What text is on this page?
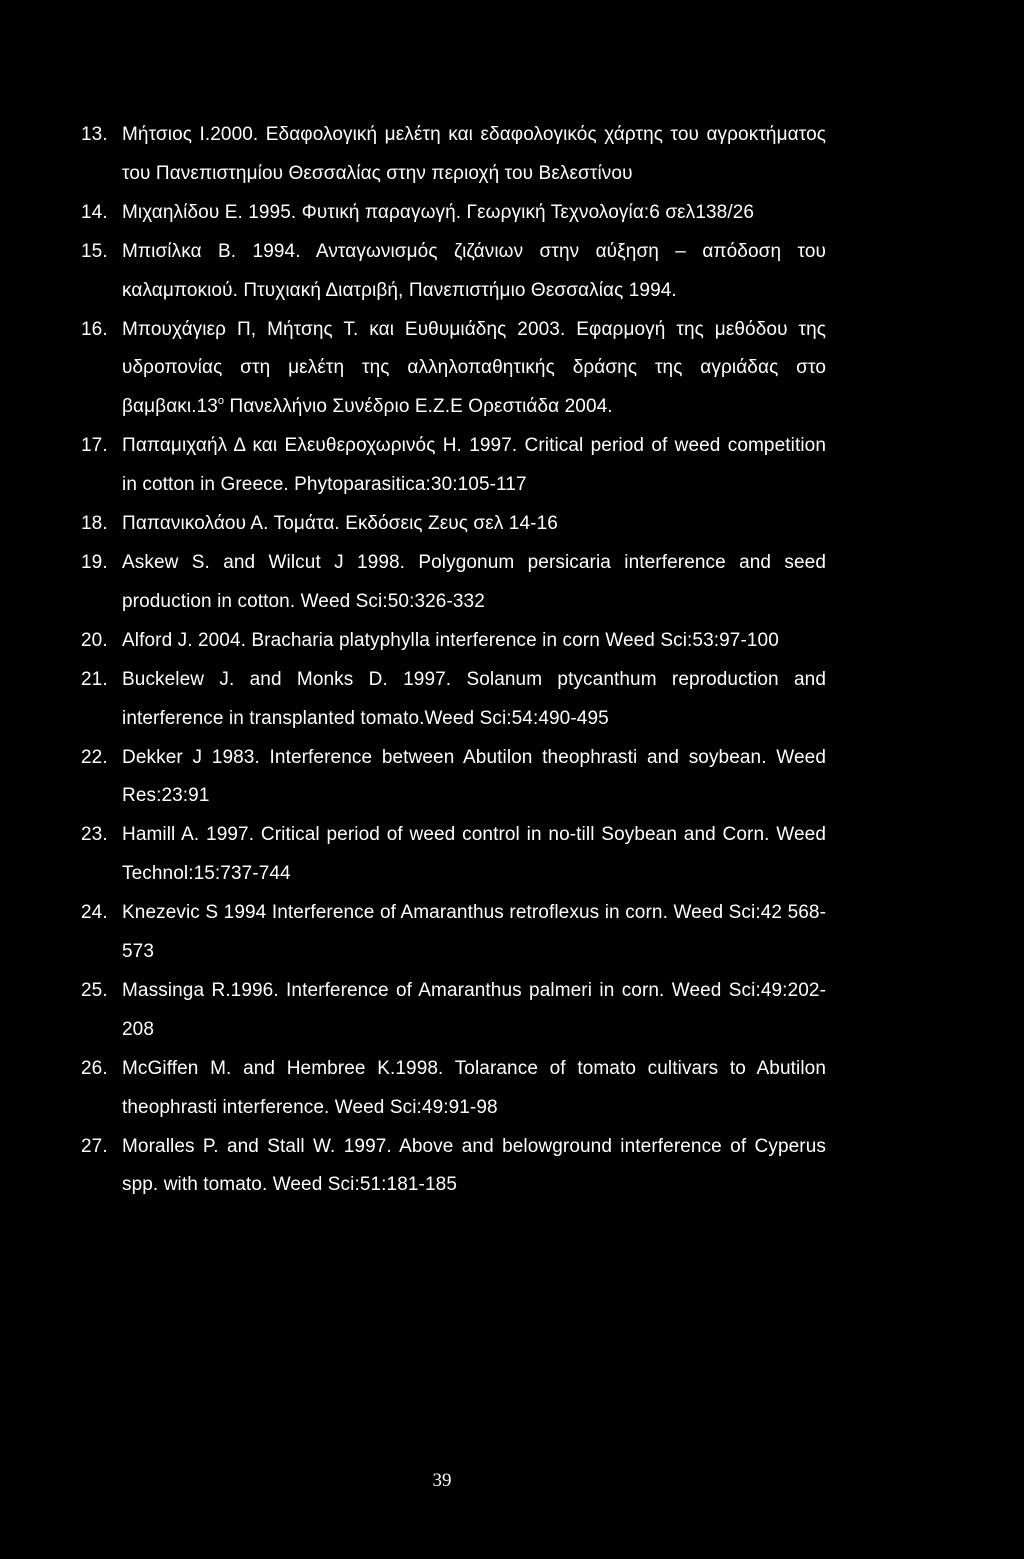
13. Μήτσιος Ι.2000. Εδαφολογική μελέτη και εδαφολογικός χάρτης του αγροκτήματος του Πανεπιστημίου Θεσσαλίας στην περιοχή του Βελεστίνου
14. Μιχαηλίδου Ε. 1995. Φυτική παραγωγή. Γεωργική Τεχνολογία:6 σελ138/26
15. Μπισίλκα Β. 1994. Ανταγωνισμός ζιζάνιων στην αύξηση – απόδοση του καλαμποκιού. Πτυχιακή Διατριβή, Πανεπιστήμιο Θεσσαλίας 1994.
16. Μπουχάγιερ Π, Μήτσης Τ. και Ευθυμιάδης 2003. Εφαρμογή της μεθόδου της υδροπονίας στη μελέτη της αλληλοπαθητικής δράσης της αγριάδας στο $\beta\alpha\mu\beta\alpha\kappa\iota.13^o$ Πανελλήνιο Συνέδριο Ε.Ζ.Ε Ορεστιάδα 2004.
17. Παπαμιχαήλ Δ και Ελευθεροχωρινός Η. 1997. Critical period of weed competition in cotton in Greece. Phytoparasitica:30:105-117
18. Παπανικολάου Α. Τομάτα. Εκδόσεις Ζευς σελ 14-16
19. Askew S. and Wilcut J 1998. Polygonum persicaria interference and seed production in cotton. Weed Sci:50:326-332
20. Alford J. 2004. Bracharia platyphylla interference in corn Weed Sci:53:97-100
21. Buckelew J. and Monks D. 1997. Solanum ptycanthum reproduction and interference in transplanted tomato.Weed Sci:54:490-495
22. Dekker J 1983. Interference between Abutilon theophrasti and soybean. Weed Res:23:91
23. Hamill A. 1997. Critical period of weed control in no-till Soybean and Corn. Weed Technol:15:737-744
24. Knezevic S 1994 Interference of Amaranthus retroflexus in corn. Weed Sci:42 568-573
25. Massinga R.1996. Interference of Amaranthus palmeri in corn. Weed Sci:49:202-208
26. McGiffen M. and Hembree K.1998. Tolarance of tomato cultivars to Abutilon theophrasti interference. Weed Sci:49:91-98
27. Moralles P. and Stall W. 1997. Above and belowground interference of Cyperus spp. with tomato. Weed Sci:51:181-185
39
